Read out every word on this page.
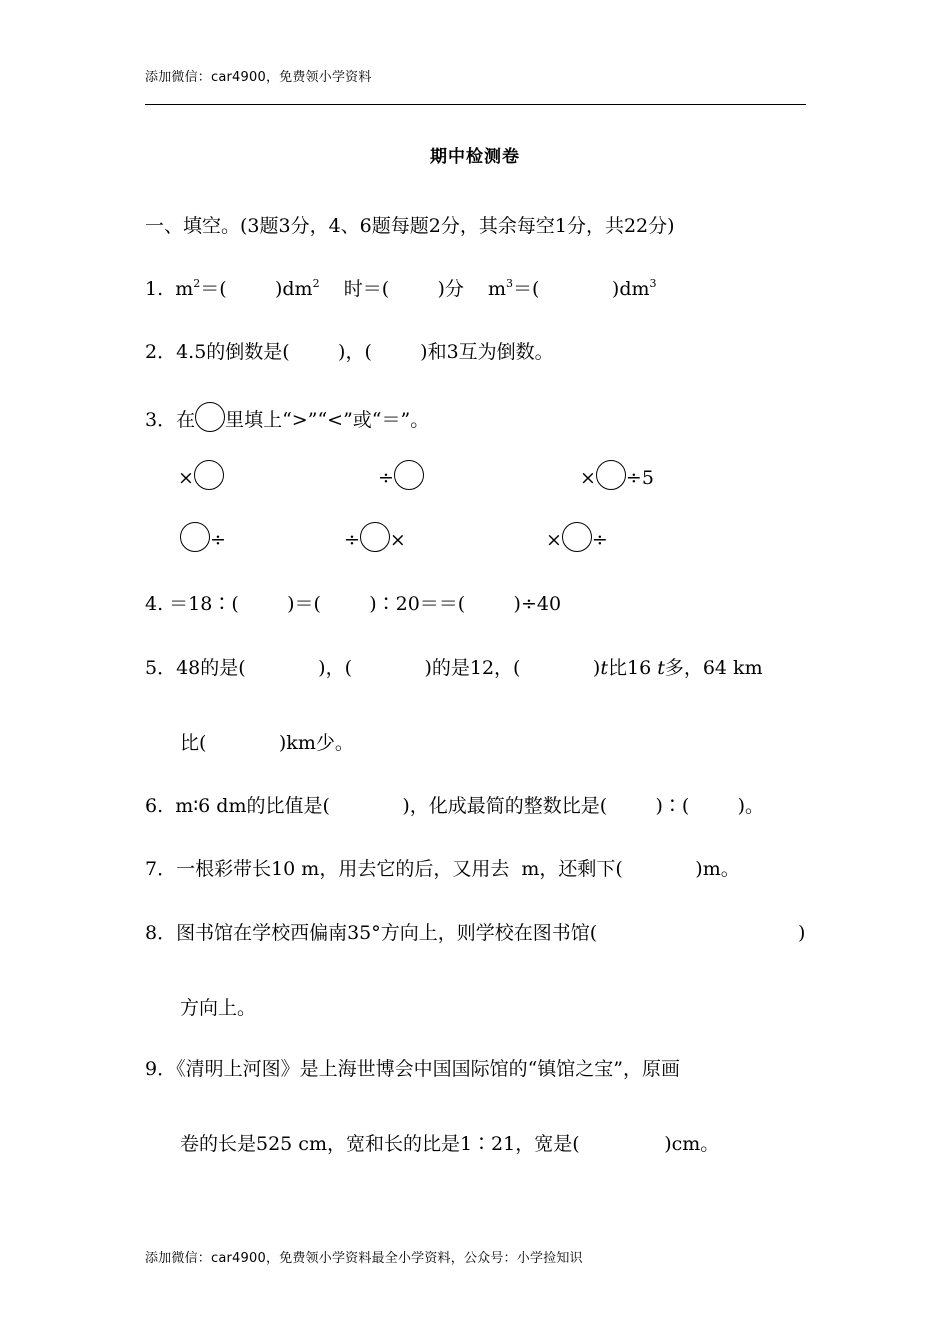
添加微信：car4900，免费领小学资料
期中检测卷
一、填空。(3题3分，4、6题每题2分，其余每空1分，共22分)
1.  $m^2=$(        )$dm^2$    时＝(        )分    $m^3=$(            )$dm^3$
2．4.5的倒数是(        )，(        )和3互为倒数。
3．在 里填上“>”“<”或“＝”。
×	÷	× ÷5
÷	÷ ×	× ÷
4. ＝18∶(        )＝(        )∶20＝＝(        )÷40
5．48的是(            )，(            )的是12，(            )t比16 t多，64 km
比(            )km少。
6.  m∶6 dm的比值是(            )，化成最简的整数比是(        )∶(        )。
7．一根彩带长10 m，用去它的后，又用去  m，还剩下(            )m。
8．图书馆在学校西偏南35°方向上，则学校在图书馆(	)
方向上。
9．《清明上河图》是上海世博会中国国际馆的“镇馆之宝”，原画
卷的长是525 cm，宽和长的比是1∶21，宽是(              )cm。
添加微信：car4900，免费领小学资料最全小学资料，公众号：小学捡知识
